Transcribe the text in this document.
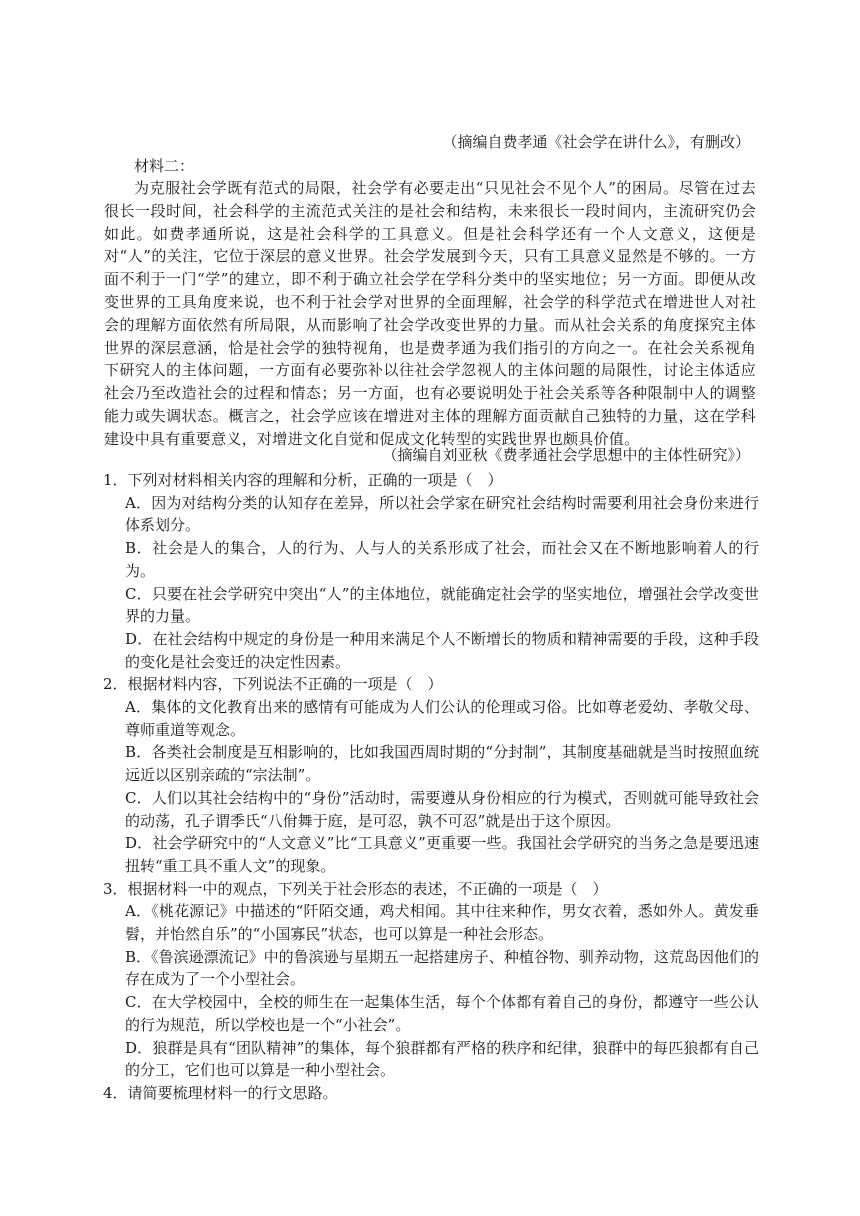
（摘编自费孝通《社会学在讲什么》，有删改）
材料二：
为克服社会学既有范式的局限，社会学有必要走出“只见社会不见个人”的困局。尽管在过去很长一段时间，社会科学的主流范式关注的是社会和结构，未来很长一段时间内，主流研究仍会如此。如费孝通所说，这是社会科学的工具意义。但是社会科学还有一个人文意义，这便是对“人”的关注，它位于深层的意义世界。社会学发展到今天，只有工具意义显然是不够的。一方面不利于一门“学”的建立，即不利于确立社会学在学科分类中的坚实地位；另一方面。即便从改变世界的工具角度来说，也不利于社会学对世界的全面理解，社会学的科学范式在增进世人对社会的理解方面依然有所局限，从而影响了社会学改变世界的力量。而从社会关系的角度探究主体世界的深层意涵，恰是社会学的独特视角，也是费孝通为我们指引的方向之一。在社会关系视角下研究人的主体问题，一方面有必要弥补以往社会学忽视人的主体问题的局限性，讨论主体适应社会乃至改造社会的过程和情态；另一方面，也有必要说明处于社会关系等各种限制中人的调整能力或失调状态。概言之，社会学应该在增进对主体的理解方面贡献自己独特的力量，这在学科建设中具有重要意义，对增进文化自觉和促成文化转型的实践世界也颇具价值。
（摘编自刘亚秋《费孝通社会学思想中的主体性研究》）

1．下列对材料相关内容的理解和分析，正确的一项是（　）

A．因为对结构分类的认知存在差异，所以社会学家在研究社会结构时需要利用社会身份来进行体系划分。

B．社会是人的集合，人的行为、人与人的关系形成了社会，而社会又在不断地影响着人的行为。

C．只要在社会学研究中突出“人”的主体地位，就能确定社会学的坚实地位，增强社会学改变世界的力量。

D．在社会结构中规定的身份是一种用来满足个人不断增长的物质和精神需要的手段，这种手段的变化是社会变迁的决定性因素。

2．根据材料内容，下列说法不正确的一项是（　）

A．集体的文化教育出来的感情有可能成为人们公认的伦理或习俗。比如尊老爱幼、孝敬父母、尊师重道等观念。

B．各类社会制度是互相影响的，比如我国西周时期的“分封制”，其制度基础就是当时按照血统远近以区别亲疏的“宗法制”。

C．人们以其社会结构中的“身份”活动时，需要遵从身份相应的行为模式，否则就可能导致社会的动荡，孔子谓季氏“八佾舞于庭，是可忍，孰不可忍”就是出于这个原因。

D．社会学研究中的“人文意义”比“工具意义”更重要一些。我国社会学研究的当务之急是要迅速扭转“重工具不重人文”的现象。

3．根据材料一中的观点，下列关于社会形态的表述，不正确的一项是（　）

A．《桃花源记》中描述的“阡陌交通，鸡犬相闻。其中往来种作，男女衣着，悉如外人。黄发垂髫，并怡然自乐”的“小国寡民”状态，也可以算是一种社会形态。

B．《鲁滨逊漂流记》中的鲁滨逊与星期五一起搭建房子、种植谷物、驯养动物，这荒岛因他们的存在成为了一个小型社会。

C．在大学校园中，全校的师生在一起集体生活，每个个体都有着自己的身份，都遵守一些公认的行为规范，所以学校也是一个“小社会”。

D．狼群是具有“团队精神”的集体，每个狼群都有严格的秩序和纪律，狼群中的每匹狼都有自己的分工，它们也可以算是一种小型社会。

4．请简要梳理材料一的行文思路。
